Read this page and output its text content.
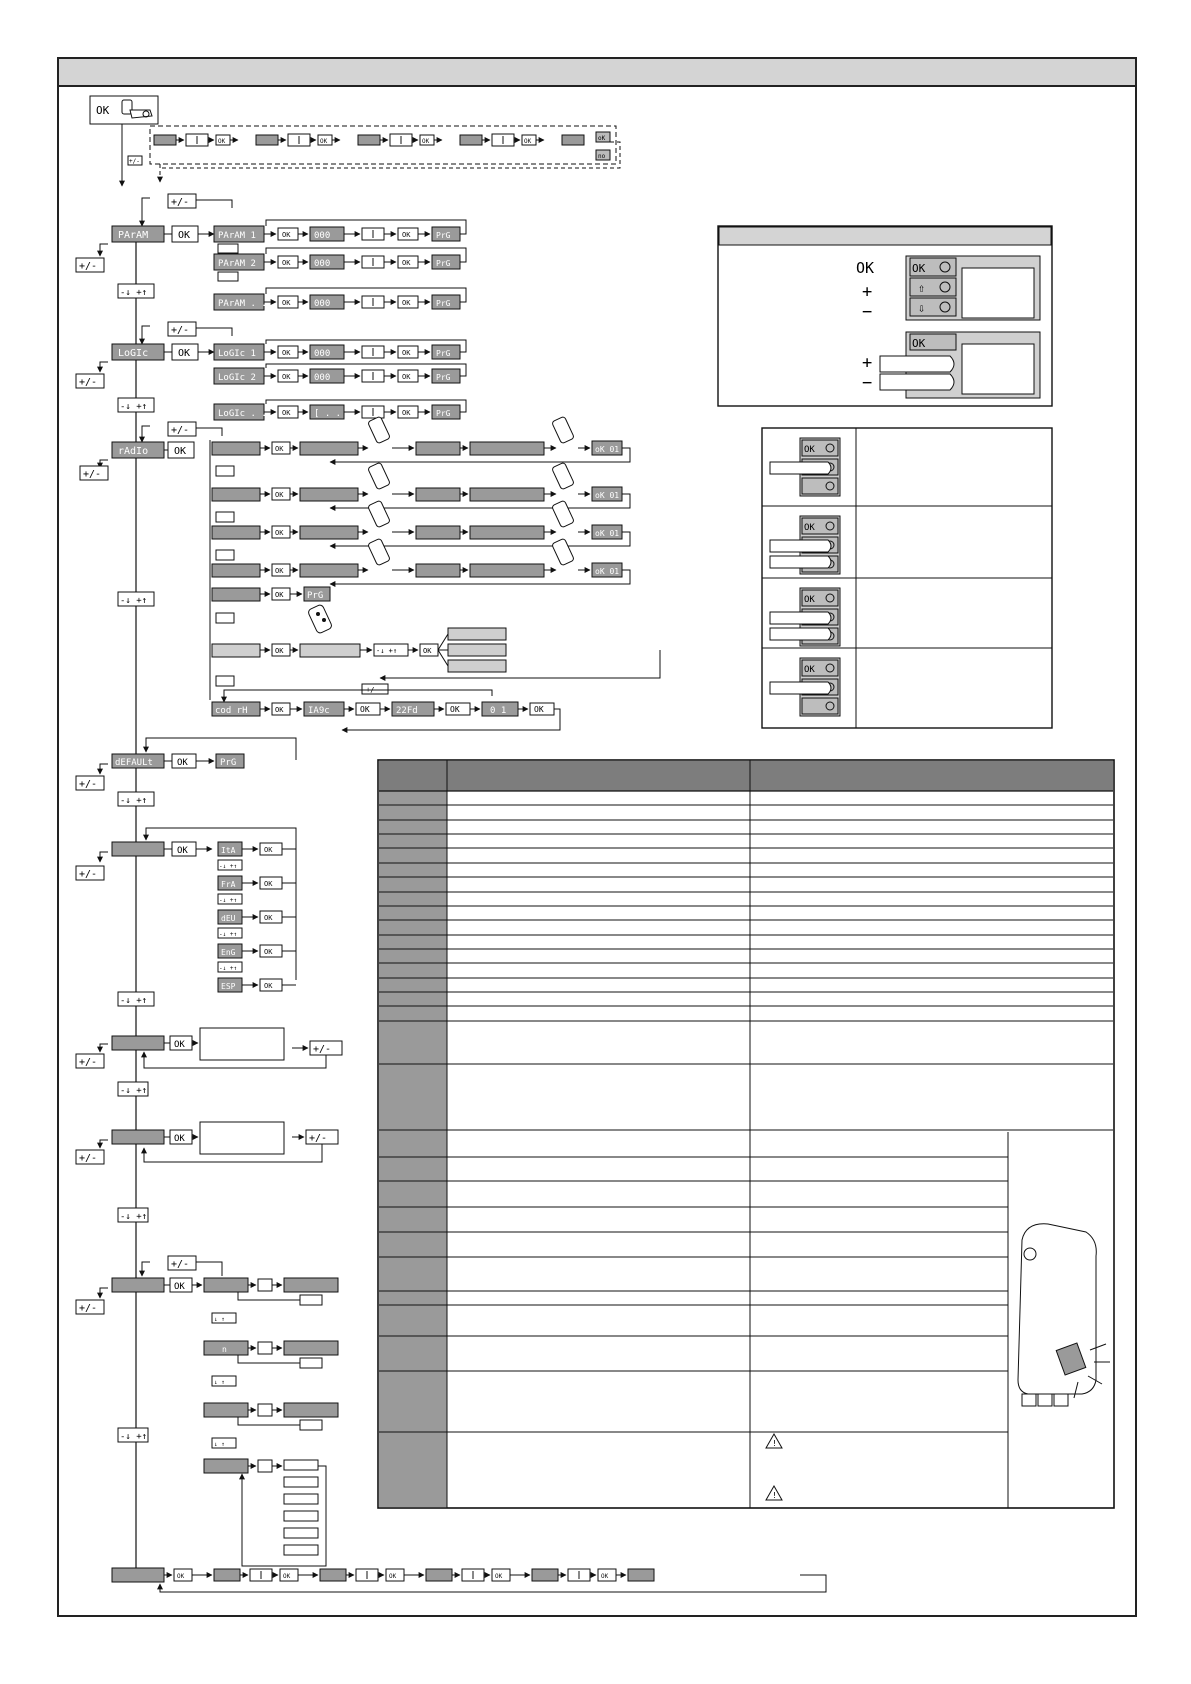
OK
OK	OK	OK	OK	oK
no
+/-
+/-
PArAM	OK
+/-
-↓ +↑
PArAM 1	OK	000	OK	PrG
PArAM 2	OK	000	OK	PrG
PArAM . . . OK	000	OK	PrG
+/-
LoGIc	OK
+/-
-↓ +↑
LoGIc 1	OK	000	OK	PrG
LoGIc 2	OK	000	OK	PrG
LoGIc . . . OK	[ . . ]	OK	PrG
+/-
rAdIo	OK
+/-
OK	oK 01
OK	oK 01
OK	oK 01
OK	oK 01
-↓ +↑
OK	PrG
OK	-↓ +↑	OK
+/-
cod rH	OK	IA9c	OK	22Fd	OK	0 1	OK
dEFAULt	OK	PrG
+/-
-↓ +↑
OK
+/-
ItA	OK
-↓ +↑
FrA	OK
-↓ +↑
dEU	OK
-↓ +↑
EnG	OK
-↓ +↑
ESP	OK
-↓ +↑
OK	+/-
+/-
-↓ +↑
OK	+/-
+/-
-↓ +↑
+/-
OK
+/-
↓ ↑
n
↓ ↑
↓ ↑
-↓ +↑
OK	OK	OK	OK	OK
OK
+
−
OK
⇧
⇩
+
−
OK
OK
OK
OK
OK
!
!
